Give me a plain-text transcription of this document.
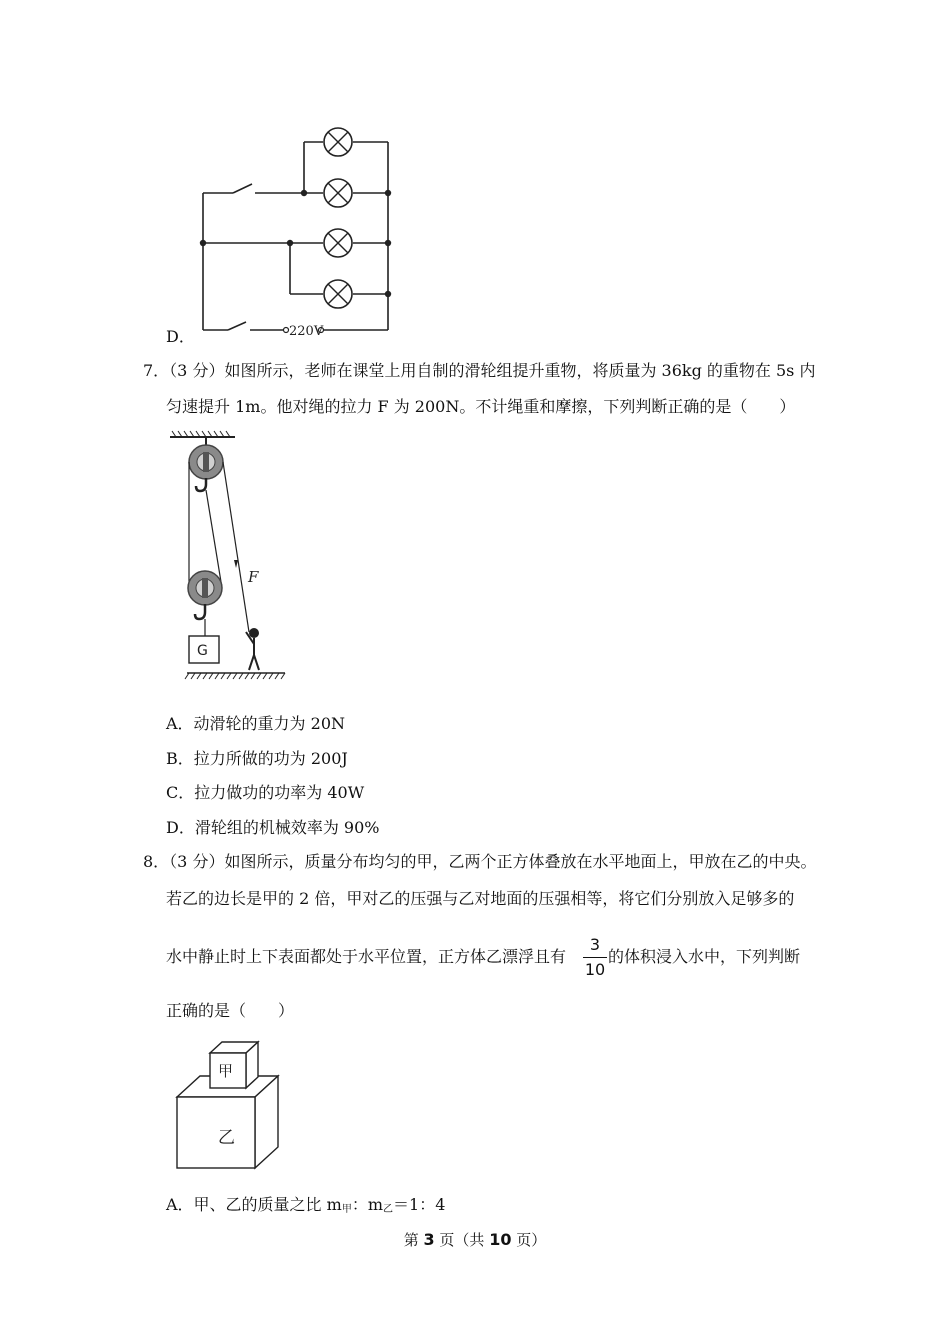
220V
D．
7．（3 分）如图所示，老师在课堂上用自制的滑轮组提升重物，将质量为 36kg 的重物在 5s 内
匀速提升 1m。他对绳的拉力 F 为 200N。不计绳重和摩擦，下列判断正确的是（　　）
F
G
A．动滑轮的重力为 20N
B．拉力所做的功为 200J
C．拉力做功的功率为 40W
D．滑轮组的机械效率为 90%
8．（3 分）如图所示，质量分布均匀的甲，乙两个正方体叠放在水平地面上，甲放在乙的中央。
若乙的边长是甲的 2 倍，甲对乙的压强与乙对地面的压强相等，将它们分别放入足够多的
水中静止时上下表面都处于水平位置，正方体乙漂浮且有
3
10
的体积浸入水中，下列判断
正确的是（　　）
乙
甲
A．甲、乙的质量之比 $m_甲$：$m_乙=1$：4
第 3 页（共 10 页）
